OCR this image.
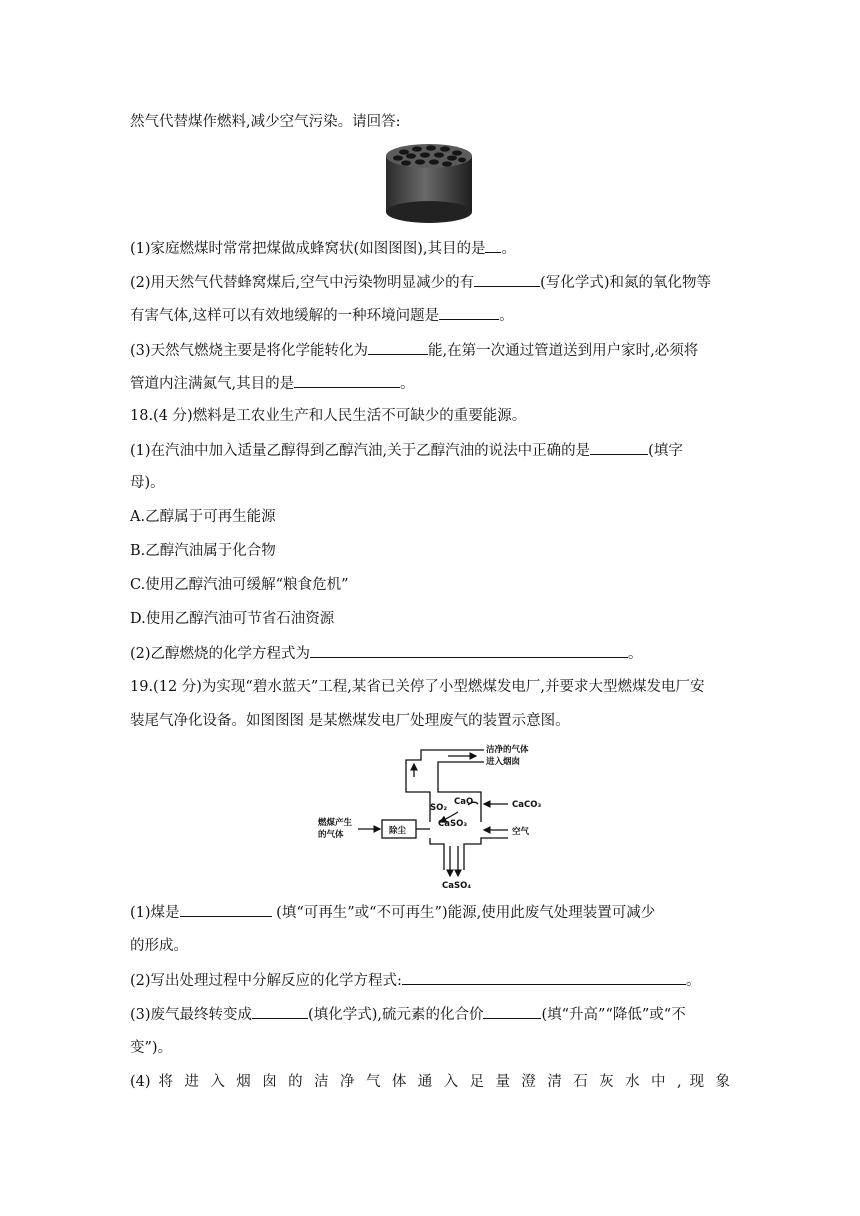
然气代替煤作燃料,减少空气污染。请回答:
(1)家庭燃煤时常常把煤做成蜂窝状(如图图图),其目的是 。
(2)用天然气代替蜂窝煤后,空气中污染物明显减少的有	(写化学式)和氮的氧化物等
有害气体,这样可以有效地缓解的一种环境问题是	。
(3)天然气燃烧主要是将化学能转化为	能,在第一次通过管道送到用户家时,必须将
管道内注满氮气,其目的是	。
18.(4 分)燃料是工农业生产和人民生活不可缺少的重要能源。
(1)在汽油中加入适量乙醇得到乙醇汽油,关于乙醇汽油的说法中正确的是	(填字
母)。
A.乙醇属于可再生能源
B.乙醇汽油属于化合物
C.使用乙醇汽油可缓解“粮食危机”
D.使用乙醇汽油可节省石油资源
(2)乙醇燃烧的化学方程式为	。
19.(12 分)为实现“碧水蓝天”工程,某省已关停了小型燃煤发电厂,并要求大型燃煤发电厂安
装尾气净化设备。如图图图 是某燃煤发电厂处理废气的装置示意图。
洁净的气体
进入烟囱
SO₂
CaO	CaCO₃
CaSO₃
空气
燃煤产生
的气体	除尘
CaSO₄
(1)煤是	(填“可再生”或“不可再生”)能源,使用此废气处理装置可减少
的形成。
(2)写出处理过程中分解反应的化学方程式:	。
(3)废气最终转变成	(填化学式),硫元素的化合价	(填“升高”“降低”或“不
变”)。
(4) 将 进 入 烟 囱 的 洁 净 气 体 通 入 足 量 澄 清 石 灰 水 中 , 现 象
